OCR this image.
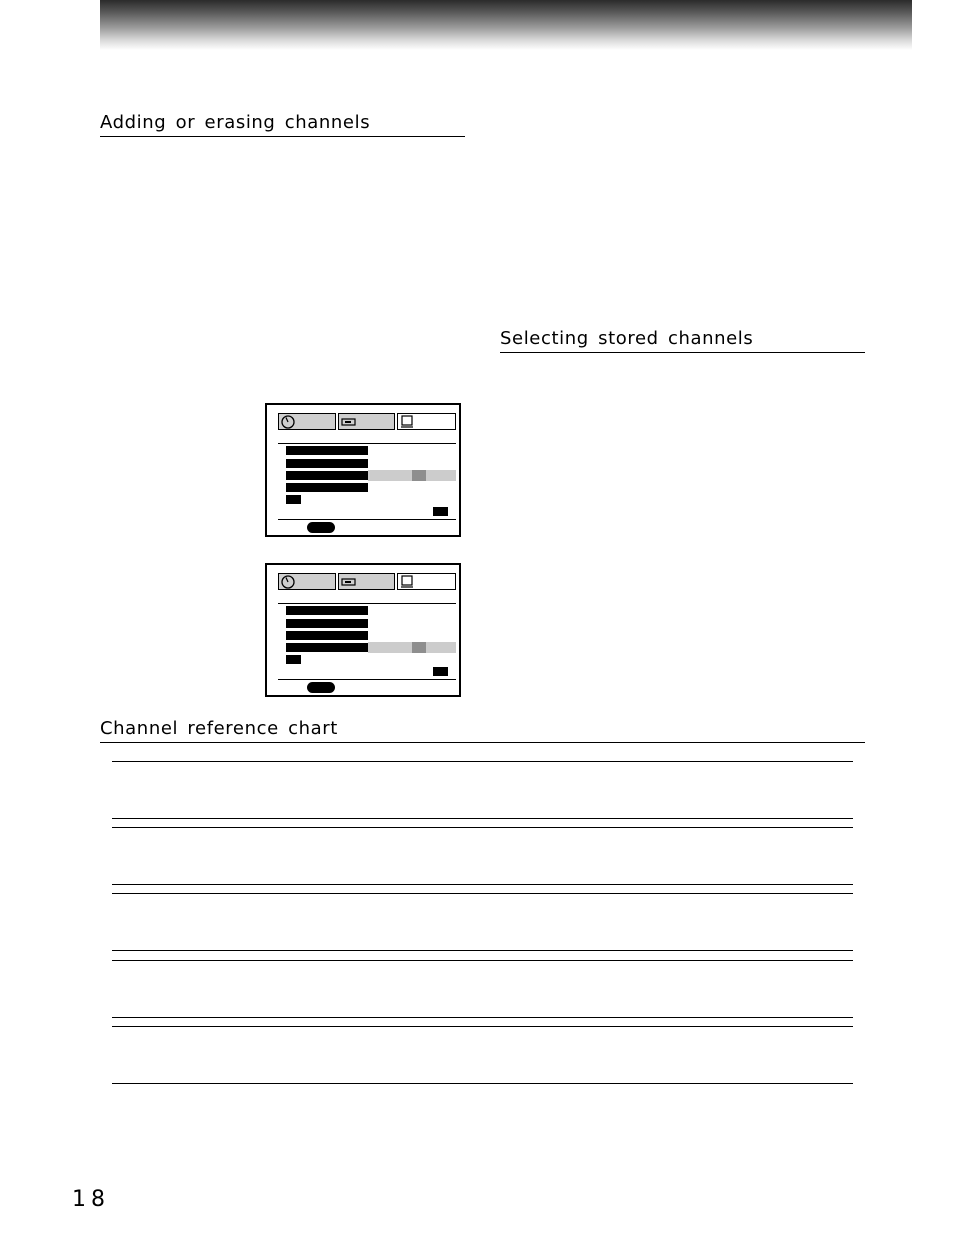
Adding or erasing channels
Selecting stored channels
Channel reference chart
18
